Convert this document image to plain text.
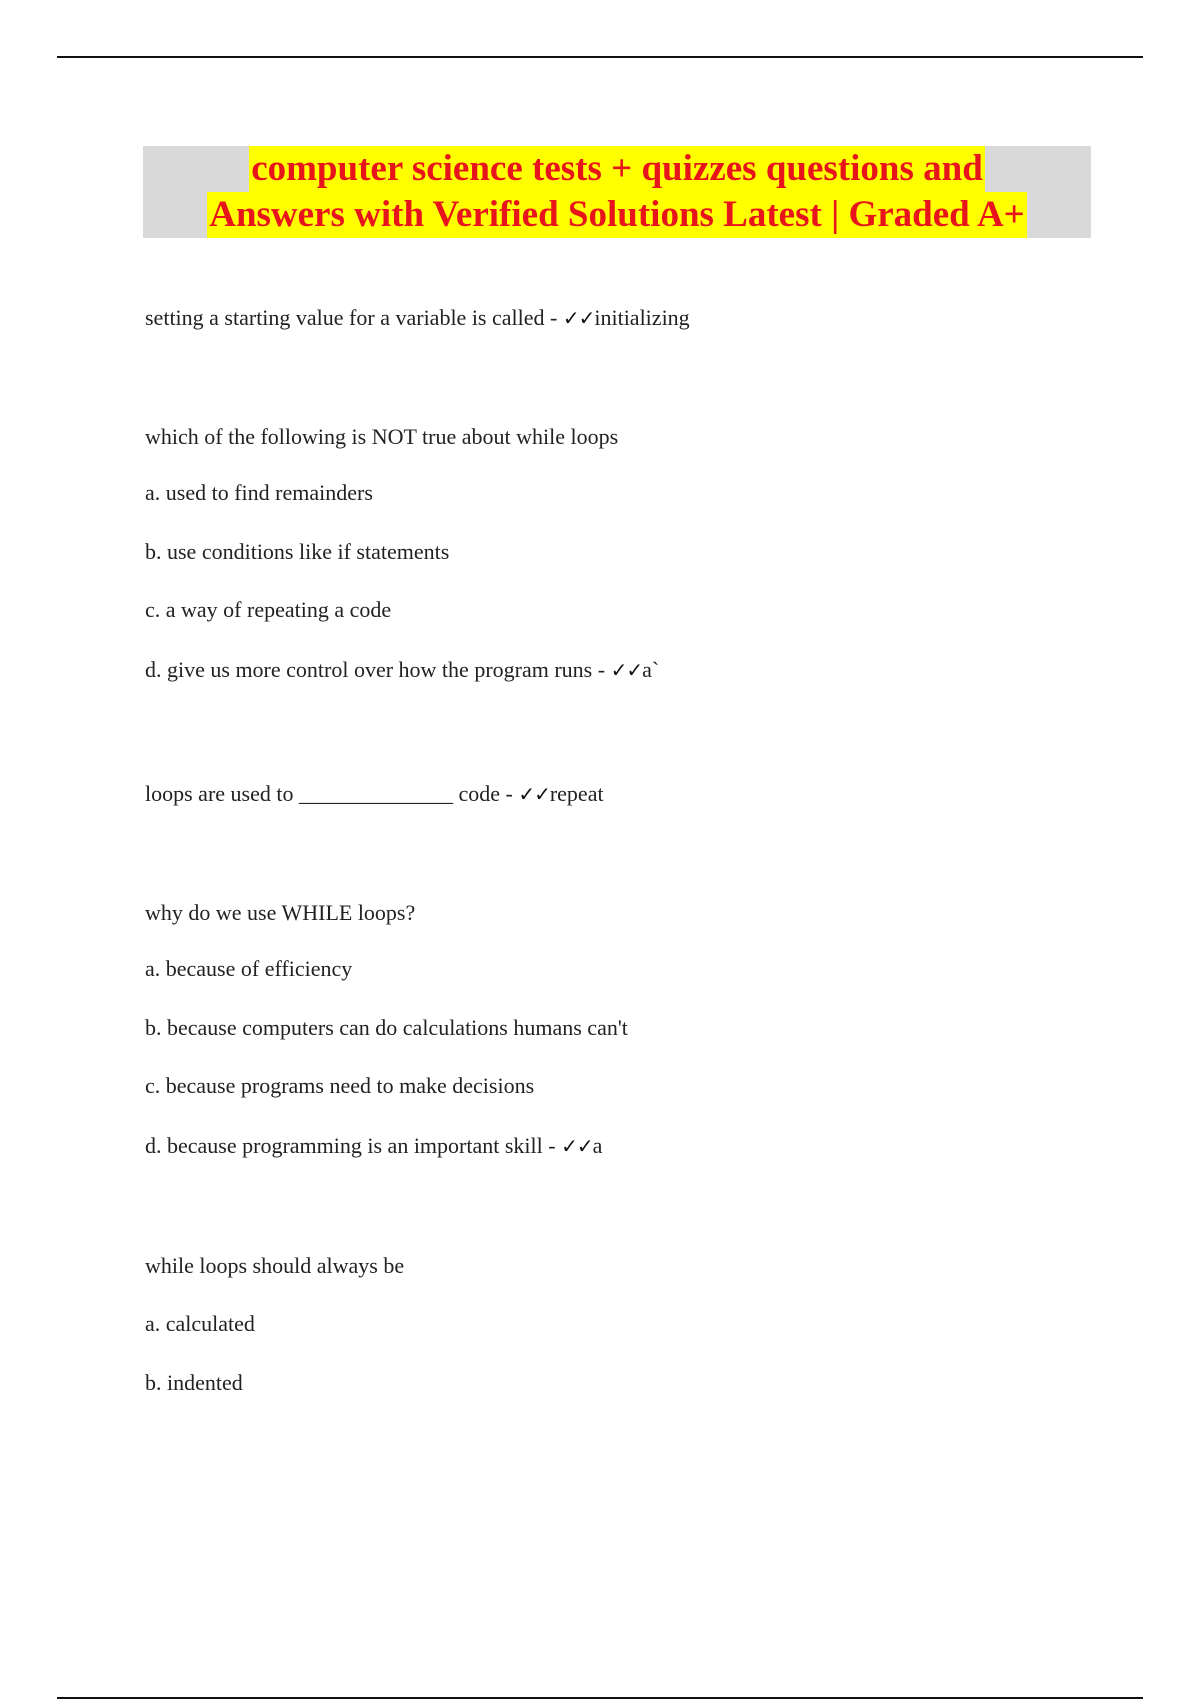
computer science tests + quizzes questions and
Answers with Verified Solutions Latest | Graded A+
setting a starting value for a variable is called - ✓✓initializing
which of the following is NOT true about while loops
a. used to find remainders
b. use conditions like if statements
c. a way of repeating a code
d. give us more control over how the program runs - ✓✓a`
loops are used to ______________ code - ✓✓repeat
why do we use WHILE loops?
a. because of efficiency
b. because computers can do calculations humans can't
c. because programs need to make decisions
d. because programming is an important skill - ✓✓a
while loops should always be
a. calculated
b. indented
